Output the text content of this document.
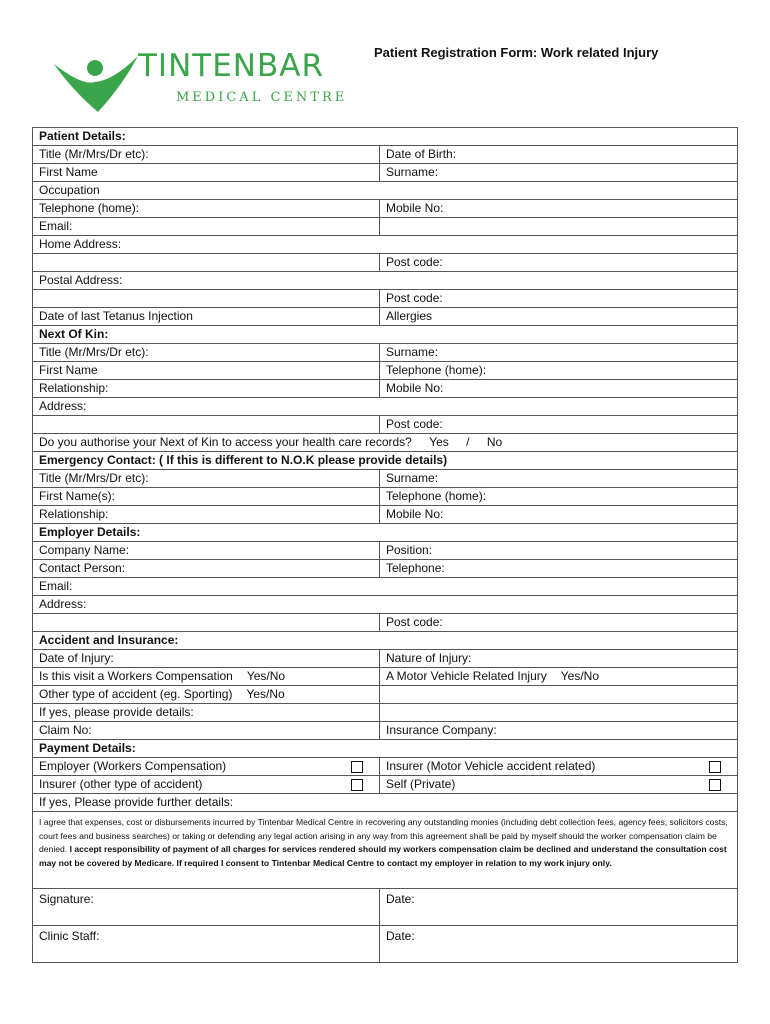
TINTENBAR
MEDICAL CENTRE
Patient Registration Form: Work related Injury
Patient Details:	
Title (Mr/Mrs/Dr etc):	Date of Birth:
First Name	Surname:
Occupation	
Telephone (home):	Mobile No:
Email:	
Home Address:	
	Post code:
Postal Address:	
	Post code:
Date of last Tetanus Injection	Allergies
Next Of Kin:	
Title (Mr/Mrs/Dr etc):	Surname:
First Name	Telephone (home):
Relationship:	Mobile No:
Address:	
	Post code:
Do you authorise your Next of Kin to access your health care records? Yes / No	
Emergency Contact: ( If this is different to N.O.K please provide details)	
Title (Mr/Mrs/Dr etc):	Surname:
First Name(s):	Telephone (home):
Relationship:	Mobile No:
Employer Details:	
Company Name:	Position:
Contact Person:	Telephone:
Email:	
Address:	
	Post code:
Accident and Insurance:	
Date of Injury:	Nature of Injury:
Is this visit a Workers Compensation Yes/No	A Motor Vehicle Related Injury Yes/No
Other type of accident (eg. Sporting) Yes/No	
If yes, please provide details:	
Claim No:	Insurance Company:
Payment Details:	
Employer (Workers Compensation)	Insurer (Motor Vehicle accident related)

Insurer (other type of accident)	Self (Private)

If yes, Please provide further details:	
I agree that expenses, cost or disbursements incurred by Tintenbar Medical Centre in recovering any outstanding monies (including debt collection fees, agency fees, solicitors costs, court fees and business searches) or taking or defending any legal action arising in any way from this agreement shall be paid by myself should the worker compensation claim be denied. I accept responsibility of payment of all charges for services rendered should my workers compensation claim be declined and understand the consultation cost may not be covered by Medicare. If required I consent to Tintenbar Medical Centre to contact my employer in relation to my work injury only.	
Signature:	Date:
Clinic Staff:	Date:
